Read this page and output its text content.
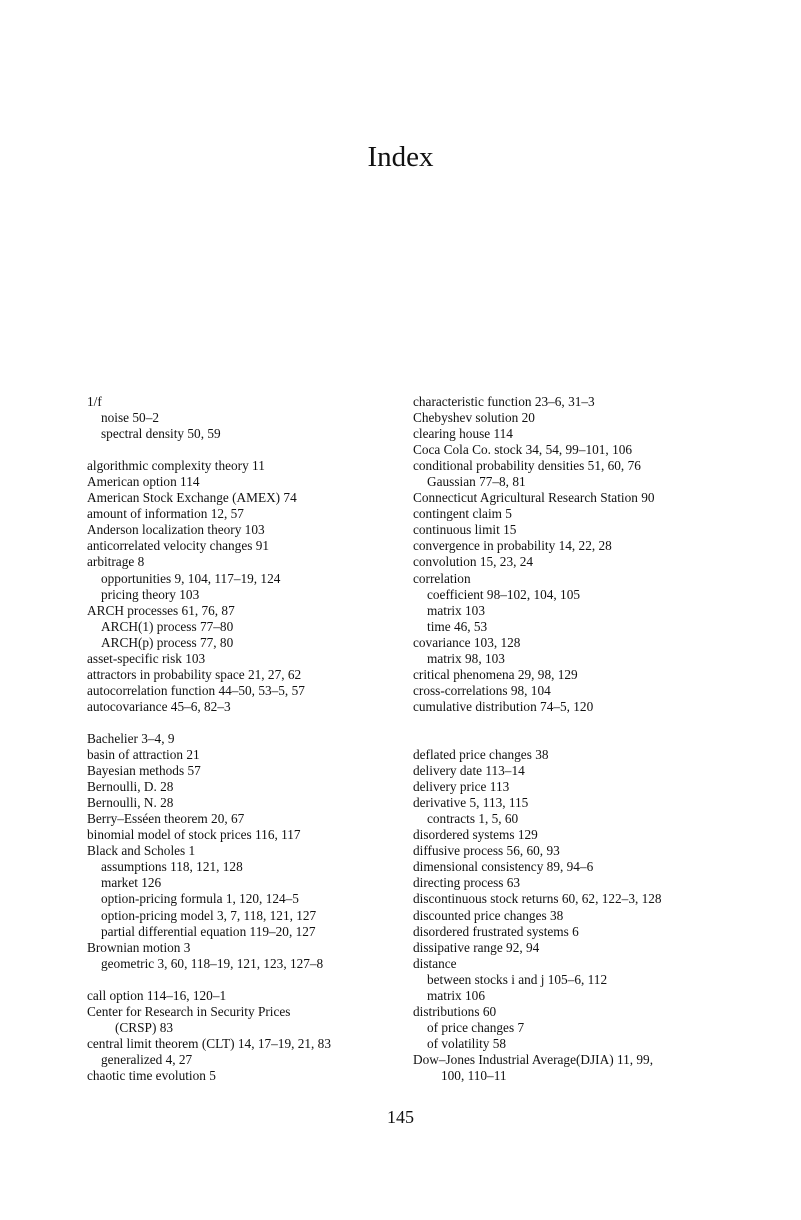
Index
1/f
noise 50–2
spectral density 50, 59
algorithmic complexity theory 11
American option 114
American Stock Exchange (AMEX) 74
amount of information 12, 57
Anderson localization theory 103
anticorrelated velocity changes 91
arbitrage 8
opportunities 9, 104, 117–19, 124
pricing theory 103
ARCH processes 61, 76, 87
ARCH(1) process 77–80
ARCH(p) process 77, 80
asset-specific risk 103
attractors in probability space 21, 27, 62
autocorrelation function 44–50, 53–5, 57
autocovariance 45–6, 82–3
Bachelier 3–4, 9
basin of attraction 21
Bayesian methods 57
Bernoulli, D. 28
Bernoulli, N. 28
Berry–Esséen theorem 20, 67
binomial model of stock prices 116, 117
Black and Scholes 1
assumptions 118, 121, 128
market 126
option-pricing formula 1, 120, 124–5
option-pricing model 3, 7, 118, 121, 127
partial differential equation 119–20, 127
Brownian motion 3
geometric 3, 60, 118–19, 121, 123, 127–8
call option 114–16, 120–1
Center for Research in Security Prices
(CRSP) 83
central limit theorem (CLT) 14, 17–19, 21, 83
generalized 4, 27
chaotic time evolution 5
characteristic function 23–6, 31–3
Chebyshev solution 20
clearing house 114
Coca Cola Co. stock 34, 54, 99–101, 106
conditional probability densities 51, 60, 76
Gaussian 77–8, 81
Connecticut Agricultural Research Station 90
contingent claim 5
continuous limit 15
convergence in probability 14, 22, 28
convolution 15, 23, 24
correlation
coefficient 98–102, 104, 105
matrix 103
time 46, 53
covariance 103, 128
matrix 98, 103
critical phenomena 29, 98, 129
cross-correlations 98, 104
cumulative distribution 74–5, 120
deflated price changes 38
delivery date 113–14
delivery price 113
derivative 5, 113, 115
contracts 1, 5, 60
disordered systems 129
diffusive process 56, 60, 93
dimensional consistency 89, 94–6
directing process 63
discontinuous stock returns 60, 62, 122–3, 128
discounted price changes 38
disordered frustrated systems 6
dissipative range 92, 94
distance
between stocks i and j 105–6, 112
matrix 106
distributions 60
of price changes 7
of volatility 58
Dow–Jones Industrial Average(DJIA) 11, 99,
100, 110–11
145
